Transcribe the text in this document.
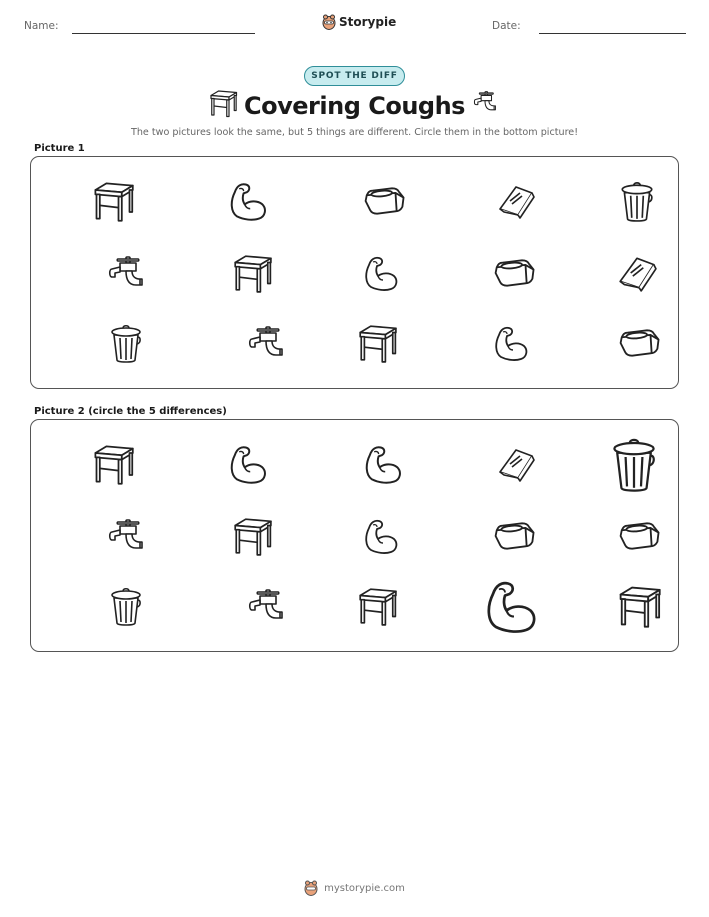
Name:	Storypie	Date:
SPOT THE DIFF
Covering Coughs
The two pictures look the same, but 5 things are different. Circle them in the bottom picture!
Picture 1
Picture 2 (circle the 5 differences)
mystorypie.com
